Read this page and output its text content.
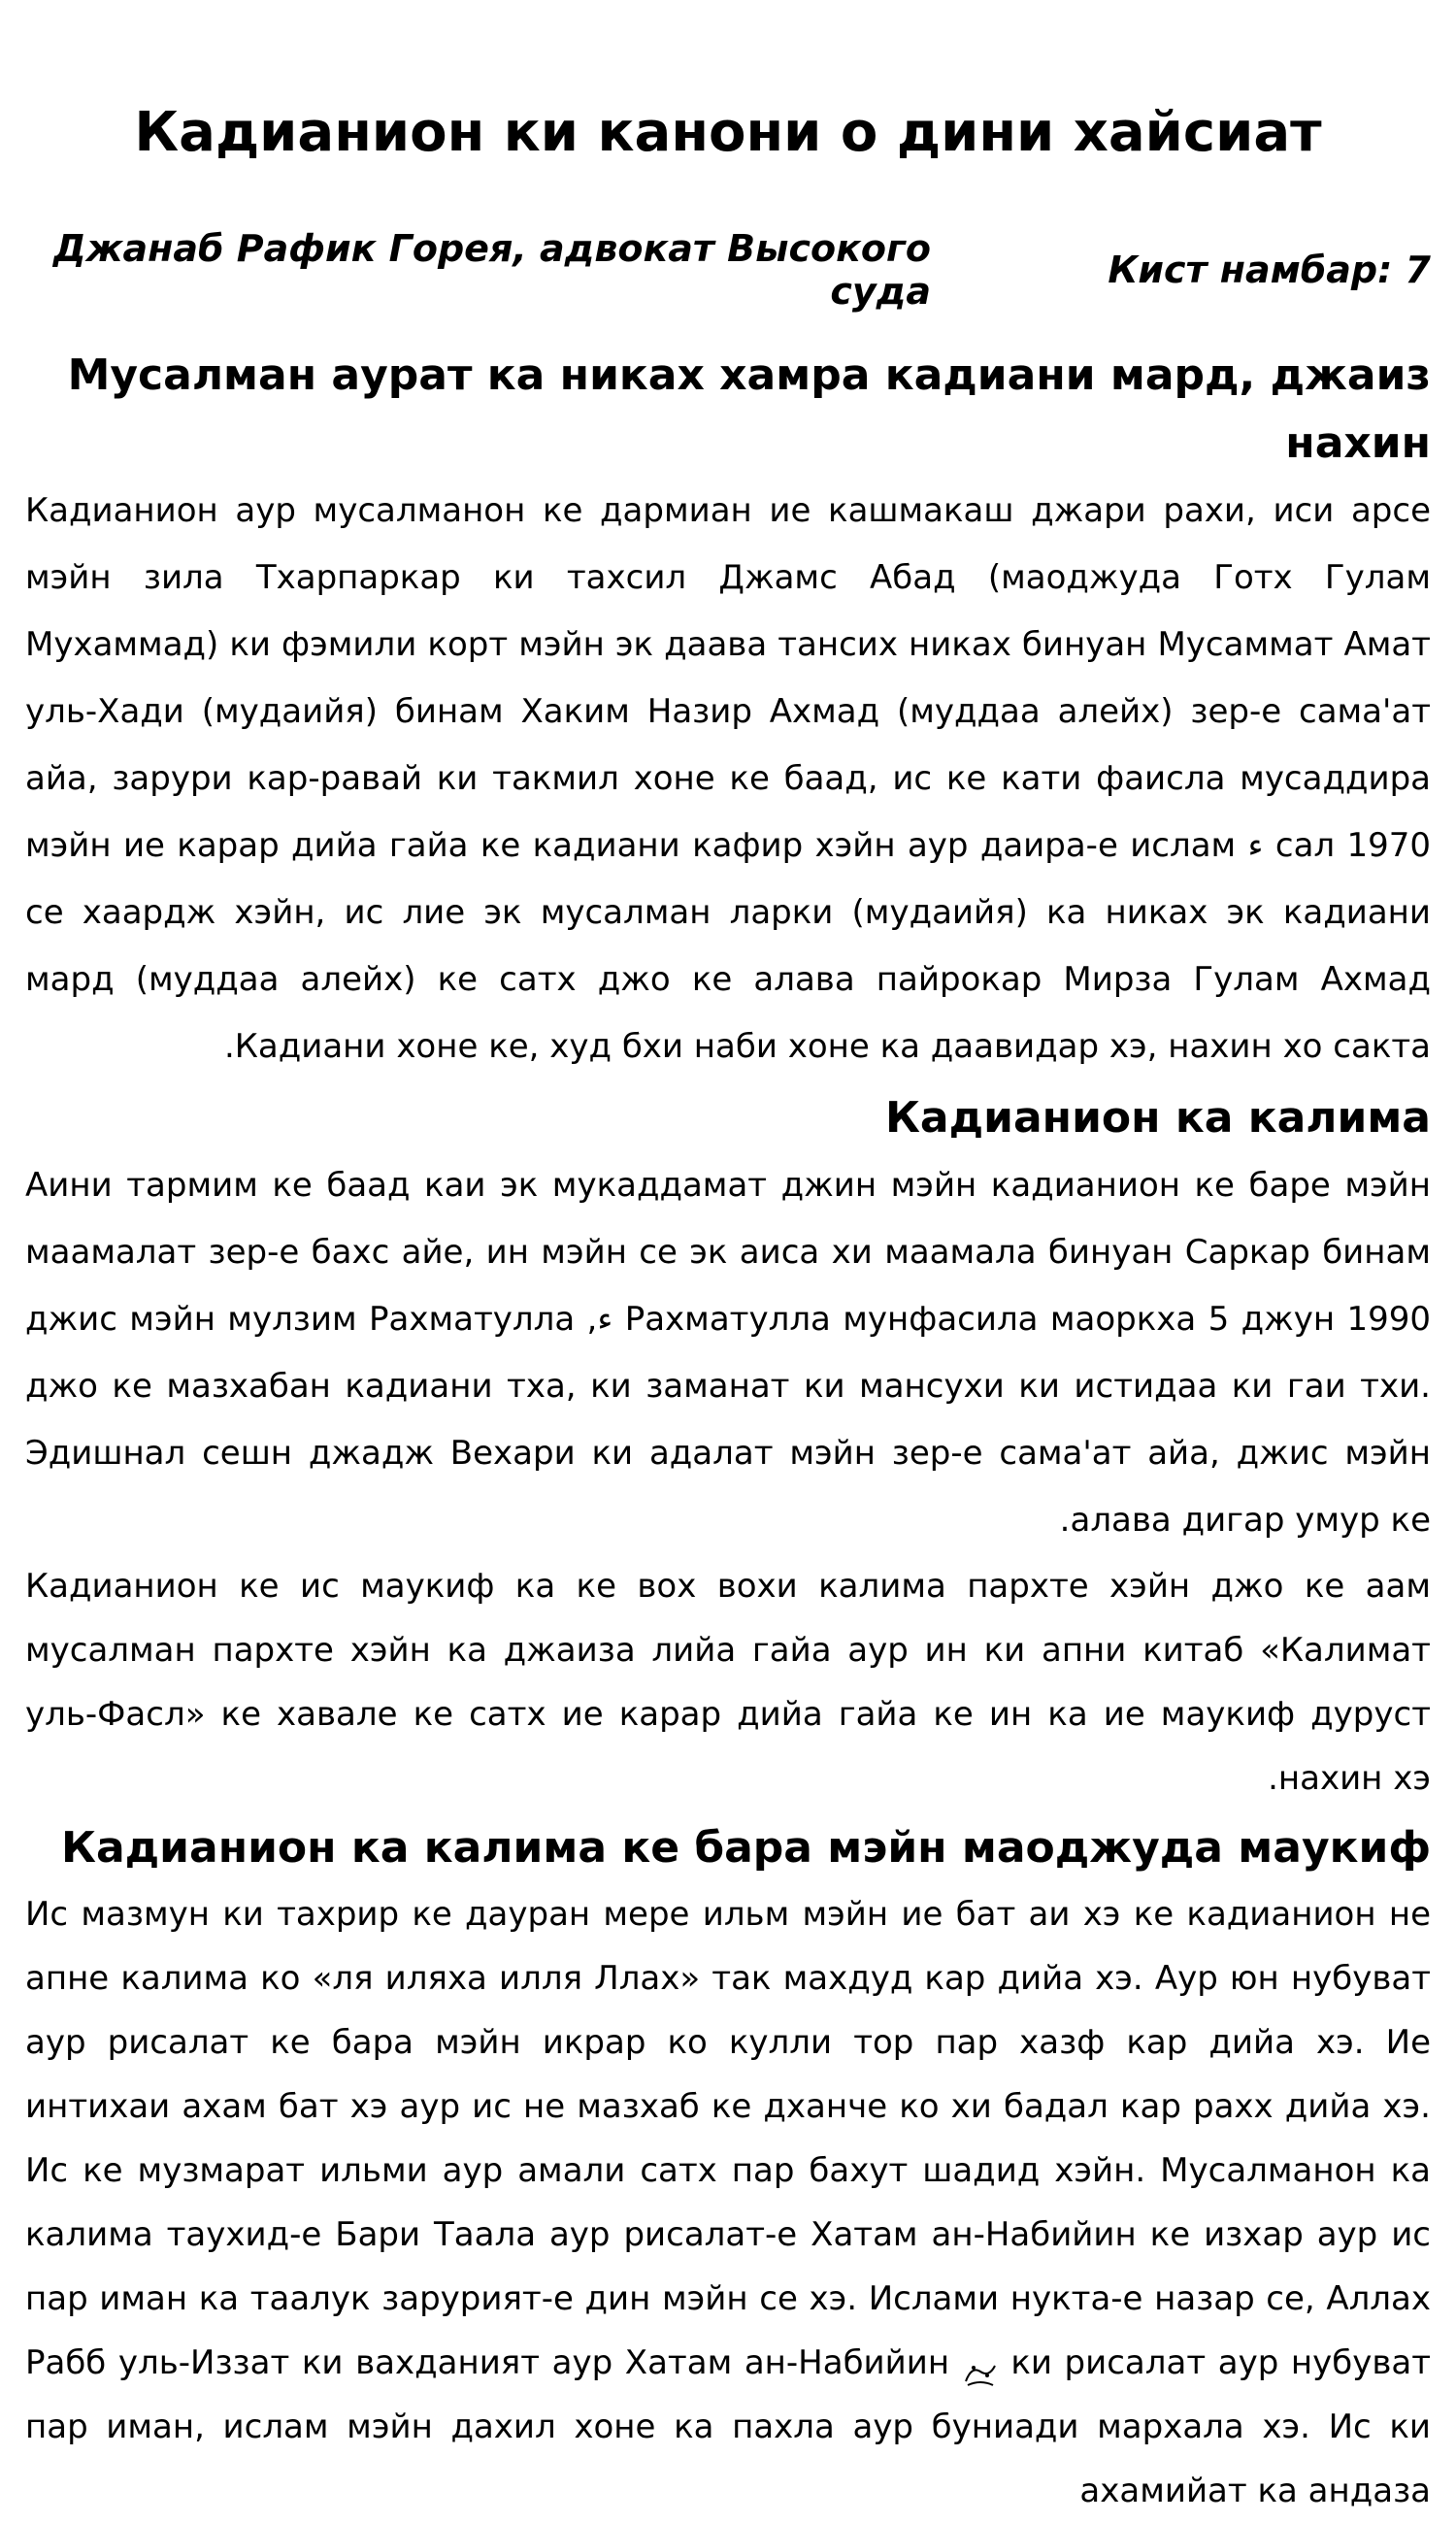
Кадианион ки канони о дини хайсиат
Кист намбар: 7
Джанаб Рафик Горея, адвокат Высокого суда
Мусалман аурат ка никах хамра кадиани мард, джаиз нахин

Кадианион аур мусалманон ке дармиан ие кашмакаш джари рахи, иси арсе мэйн зила Тхарпаркар ки тахсил Джамс Абад (маоджуда Готх Гулам Мухаммад) ки фэмили корт мэйн эк даава тансих никах бинуан Мусаммат Амат уль-Хади (мудаийя) бинам Хаким Назир Ахмад (муддаа алейх) зер-е сама'ат айа, зарури кар-равай ки такмил хоне ке баад, ис ке кати фаисла мусаддира сал 1970 ء мэйн ие карар дийа гайа ке кадиани кафир хэйн аур даира-е ислам се хаардж хэйн, ис лие эк мусалман ларки (мудаийя) ка никах эк кадиани мард (муддаа алейх) ке сатх джо ке алава пайрокар Мирза Гулам Ахмад Кадиани хоне ке, худ бхи наби хоне ка даавидар хэ, нахин хо сакта.

Кадианион ка калима

Аини тармим ке баад каи эк мукаддамат джин мэйн кадианион ке баре мэйн маамалат зер-е бахс айе, ин мэйн се эк аиса хи маамала бинуан Саркар бинам Рахматулла мунфасила маоркха 5 джун 1990 ء, джис мэйн мулзим Рахматулла джо ке мазхабан кадиани тха, ки заманат ки мансухи ки истидаа ки гаи тхи. Эдишнал сешн джадж Вехари ки адалат мэйн зер-е сама'ат айа, джис мэйн алава дигар умур ке.

Кадианион ке ис маукиф ка ке вох вохи калима пархте хэйн джо ке аам мусалман пархте хэйн ка джаиза лийа гайа аур ин ки апни китаб «Калимат уль-Фасл» ке хавале ке сатх ие карар дийа гайа ке ин ка ие маукиф дуруст нахин хэ.

Кадианион ка калима ке бара мэйн маоджуда маукиф

Ис мазмун ки тахрир ке дауран мере ильм мэйн ие бат аи хэ ке кадианион не апне калима ко «ля иляха илля Ллах» так махдуд кар дийа хэ. Аур юн нубуват аур рисалат ке бара мэйн икрар ко кулли тор пар хазф кар дийа хэ. Ие интихаи ахам бат хэ аур ис не мазхаб ке дханче ко хи бадал кар рахх дийа хэ. Ис ке музмарат ильми аур амали сатх пар бахут шадид хэйн. Мусалманон ка калима таухид-е Бари Таала аур рисалат-е Хатам ан-Набийин ке изхар аур ис пар иман ка таалук зарурият-е дин мэйн се хэ. Ислами нукта-е назар се, Аллах Рабб уль-Иззат ки вахданият аур Хатам ан-Набийин ки рисалат аур нубуват пар иман, ислам мэйн дахил хоне ка пахла аур буниади мархала хэ. Ис ки ахамийат ка андаза
